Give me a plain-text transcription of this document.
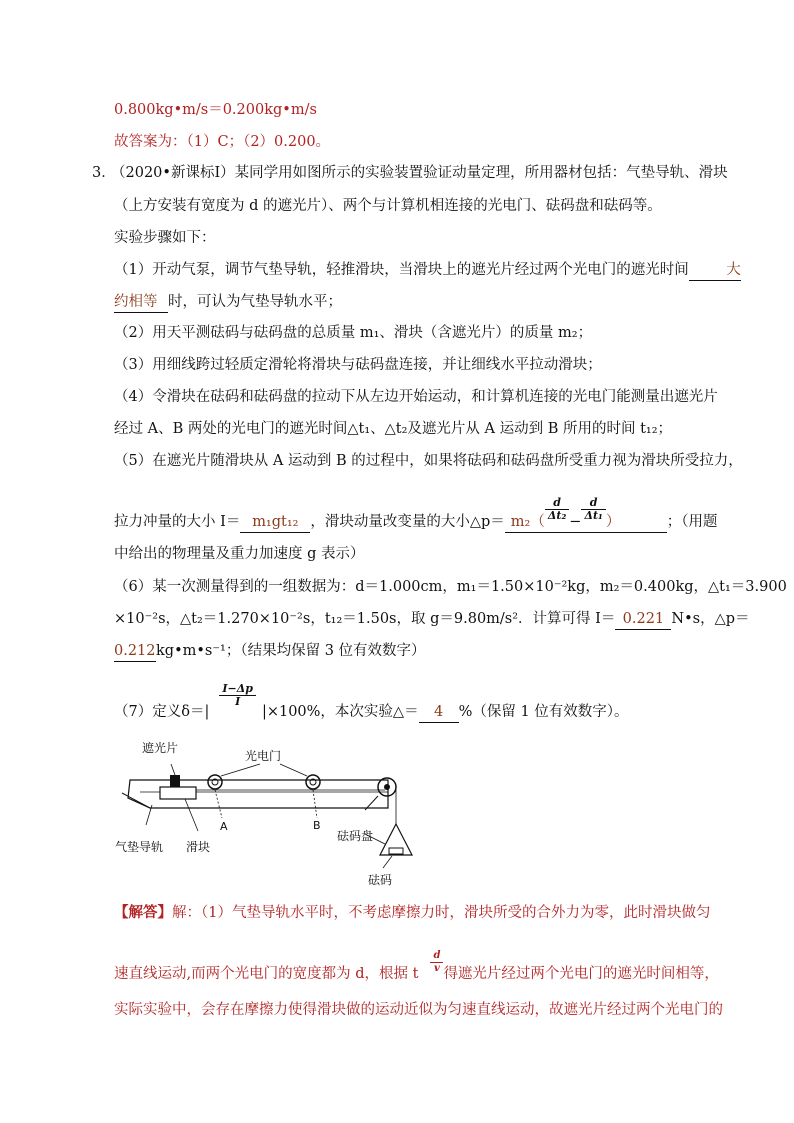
0.800kg•m/s＝0.200kg•m/s
故答案为：（1）C；（2）0.200。
3．
（2020•新课标Ⅰ）某同学用如图所示的实验装置验证动量定理，所用器材包括：气垫导轨、滑块
（上方安装有宽度为 d 的遮光片）、两个与计算机相连接的光电门、砝码盘和砝码等。
实验步骤如下：
（1）开动气泵，调节气垫导轨，轻推滑块，当滑块上的遮光片经过两个光电门的遮光时间	大
约相等 时，可认为气垫导轨水平；
（2）用天平测砝码与砝码盘的总质量 m₁、滑块（含遮光片）的质量 m₂；
（3）用细线跨过轻质定滑轮将滑块与砝码盘连接，并让细线水平拉动滑块；
（4）令滑块在砝码和砝码盘的拉动下从左边开始运动，和计算机连接的光电门能测量出遮光片
经过 A、B 两处的光电门的遮光时间△t₁、△t₂及遮光片从 A 运动到 B 所用的时间 t₁₂；
（5）在遮光片随滑块从 A 运动到 B 的过程中，如果将砝码和砝码盘所受重力视为滑块所受拉力，
拉力冲量的大小 I＝ m₁gt₁₂ ，滑块动量改变量的大小△p＝ m₂（
$\frac{d}{\text{Δt₂}}$
−
$\frac{d}{\text{Δt₁}}$
）	；（用题
中给出的物理量及重力加速度 g 表示）
（6）某一次测量得到的一组数据为：d＝1.000cm，m₁＝1.50×10⁻²kg，m₂＝0.400kg，△t₁＝3.900
×10⁻²s，△t₂＝1.270×10⁻²s，t₁₂＝1.50s，取 g＝9.80m/s²．计算可得 I＝ 0.221 N•s，△p＝
0.212kg•m•s⁻¹；（结果均保留 3 位有效数字）
（7）定义δ＝|
$\frac{I-\Delta p}{I}$
|×100%，本次实验△＝ 4 %（保留 1 位有效数字）。
遮光片
光电门
A	B
气垫导轨 滑块
砝码盘
砝码
【解答】解：（1）气垫导轨水平时，不考虑摩擦力时，滑块所受的合外力为零，此时滑块做匀
速直线运动,而两个光电门的宽度都为 d，根据 t $\frac{d}{v}$ 得遮光片经过两个光电门的遮光时间相等，
实际实验中，会存在摩擦力使得滑块做的运动近似为匀速直线运动，故遮光片经过两个光电门的
